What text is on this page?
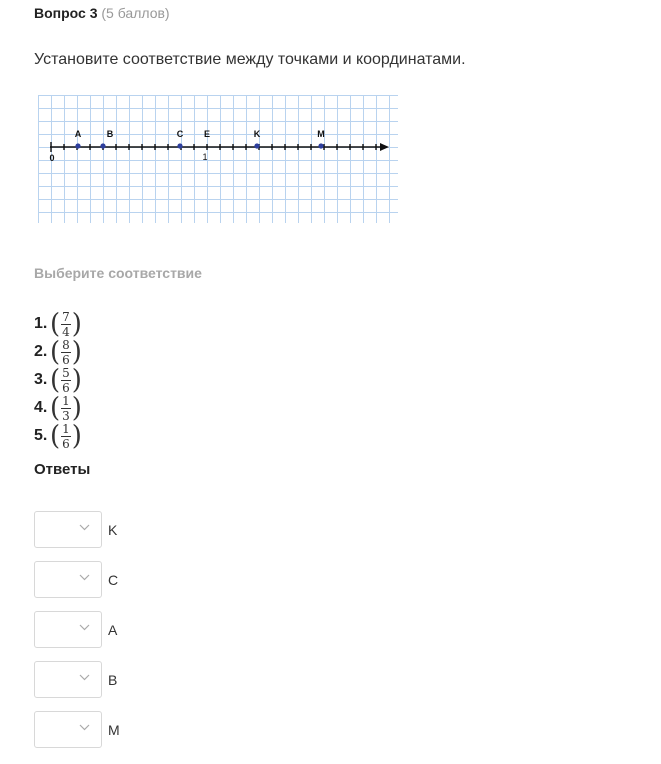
Вопрос 3 (5 баллов)
Установите соответствие между точками и координатами.
0	1
A	B	C E	K	M
Выберите соответствие
1. ( $\frac{7}{4}$ )
2. ( $\frac{8}{6}$ )
3. ( $\frac{5}{6}$ )
4. ( $\frac{1}{3}$ )
5. ( $\frac{1}{6}$ )
Ответы
K
C
A
B
M
